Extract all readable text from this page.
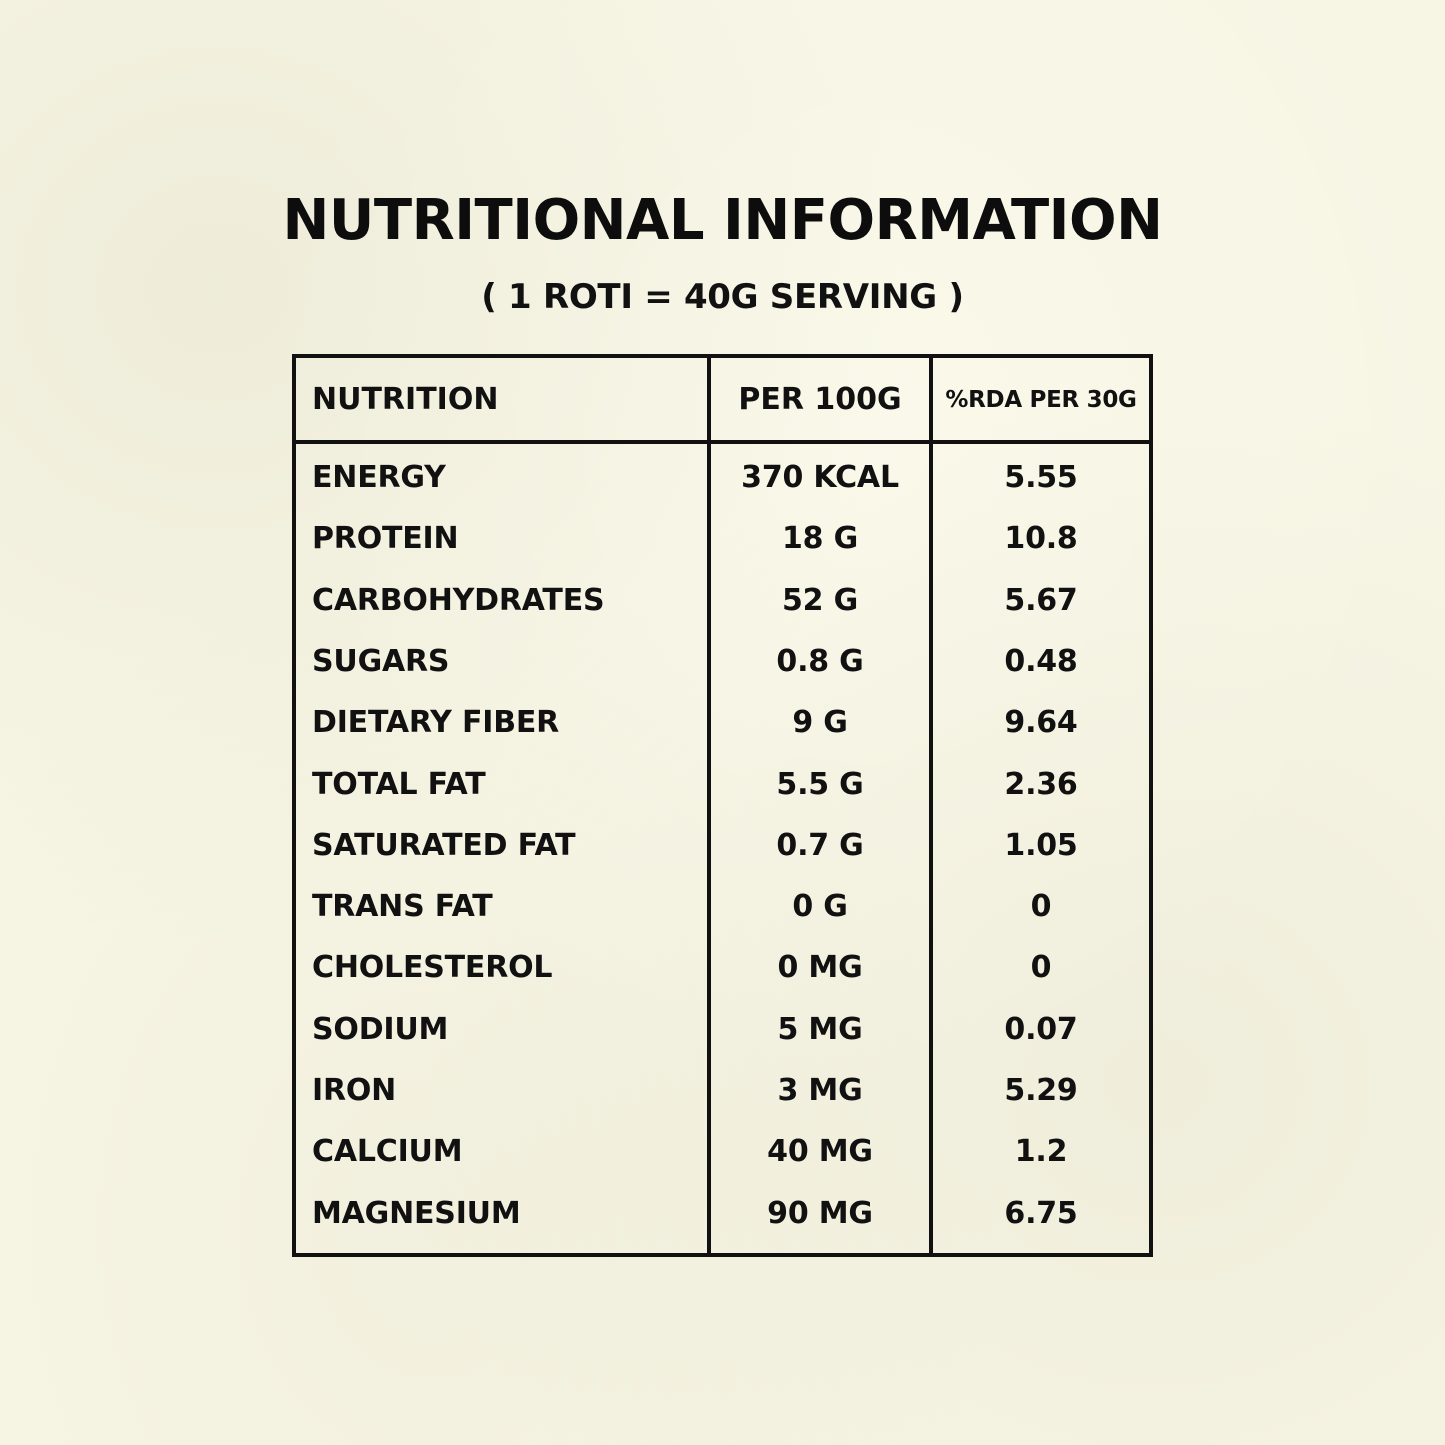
NUTRITIONAL INFORMATION
( 1 ROTI = 40G SERVING )
NUTRITION	PER 100G	%RDA PER 30G
ENERGY	370 KCAL	5.55
PROTEIN	18 G	10.8
CARBOHYDRATES	52 G	5.67
SUGARS	0.8 G	0.48
DIETARY FIBER	9 G	9.64
TOTAL FAT	5.5 G	2.36
SATURATED FAT	0.7 G	1.05
TRANS FAT	0 G	0
CHOLESTEROL	0 MG	0
SODIUM	5 MG	0.07
IRON	3 MG	5.29
CALCIUM	40 MG	1.2
MAGNESIUM	90 MG	6.75
